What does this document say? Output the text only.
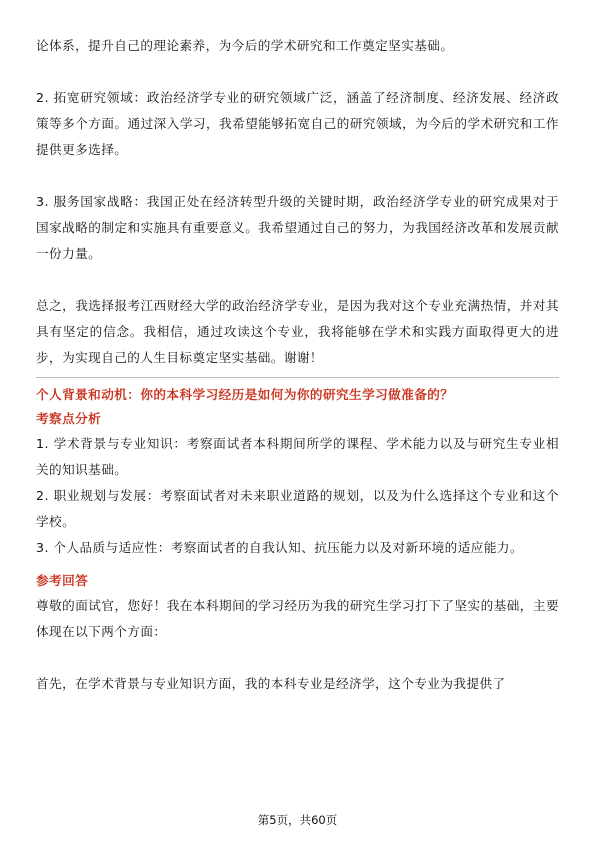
论体系，提升自己的理论素养，为今后的学术研究和工作奠定坚实基础。

2. 拓宽研究领域：政治经济学专业的研究领域广泛，涵盖了经济制度、经济发展、经济政策等多个方面。通过深入学习，我希望能够拓宽自己的研究领域，为今后的学术研究和工作提供更多选择。

3. 服务国家战略：我国正处在经济转型升级的关键时期，政治经济学专业的研究成果对于国家战略的制定和实施具有重要意义。我希望通过自己的努力，为我国经济改革和发展贡献一份力量。

总之，我选择报考江西财经大学的政治经济学专业，是因为我对这个专业充满热情，并对其具有坚定的信念。我相信，通过攻读这个专业，我将能够在学术和实践方面取得更大的进步，为实现自己的人生目标奠定坚实基础。谢谢！

个人背景和动机：你的本科学习经历是如何为你的研究生学习做准备的？

考察点分析

1. 学术背景与专业知识：考察面试者本科期间所学的课程、学术能力以及与研究生专业相关的知识基础。

2. 职业规划与发展：考察面试者对未来职业道路的规划，以及为什么选择这个专业和这个学校。

3. 个人品质与适应性：考察面试者的自我认知、抗压能力以及对新环境的适应能力。

参考回答

尊敬的面试官，您好！我在本科期间的学习经历为我的研究生学习打下了坚实的基础，主要体现在以下两个方面：

首先，在学术背景与专业知识方面，我的本科专业是经济学，这个专业为我提供了

第5页，共60页
